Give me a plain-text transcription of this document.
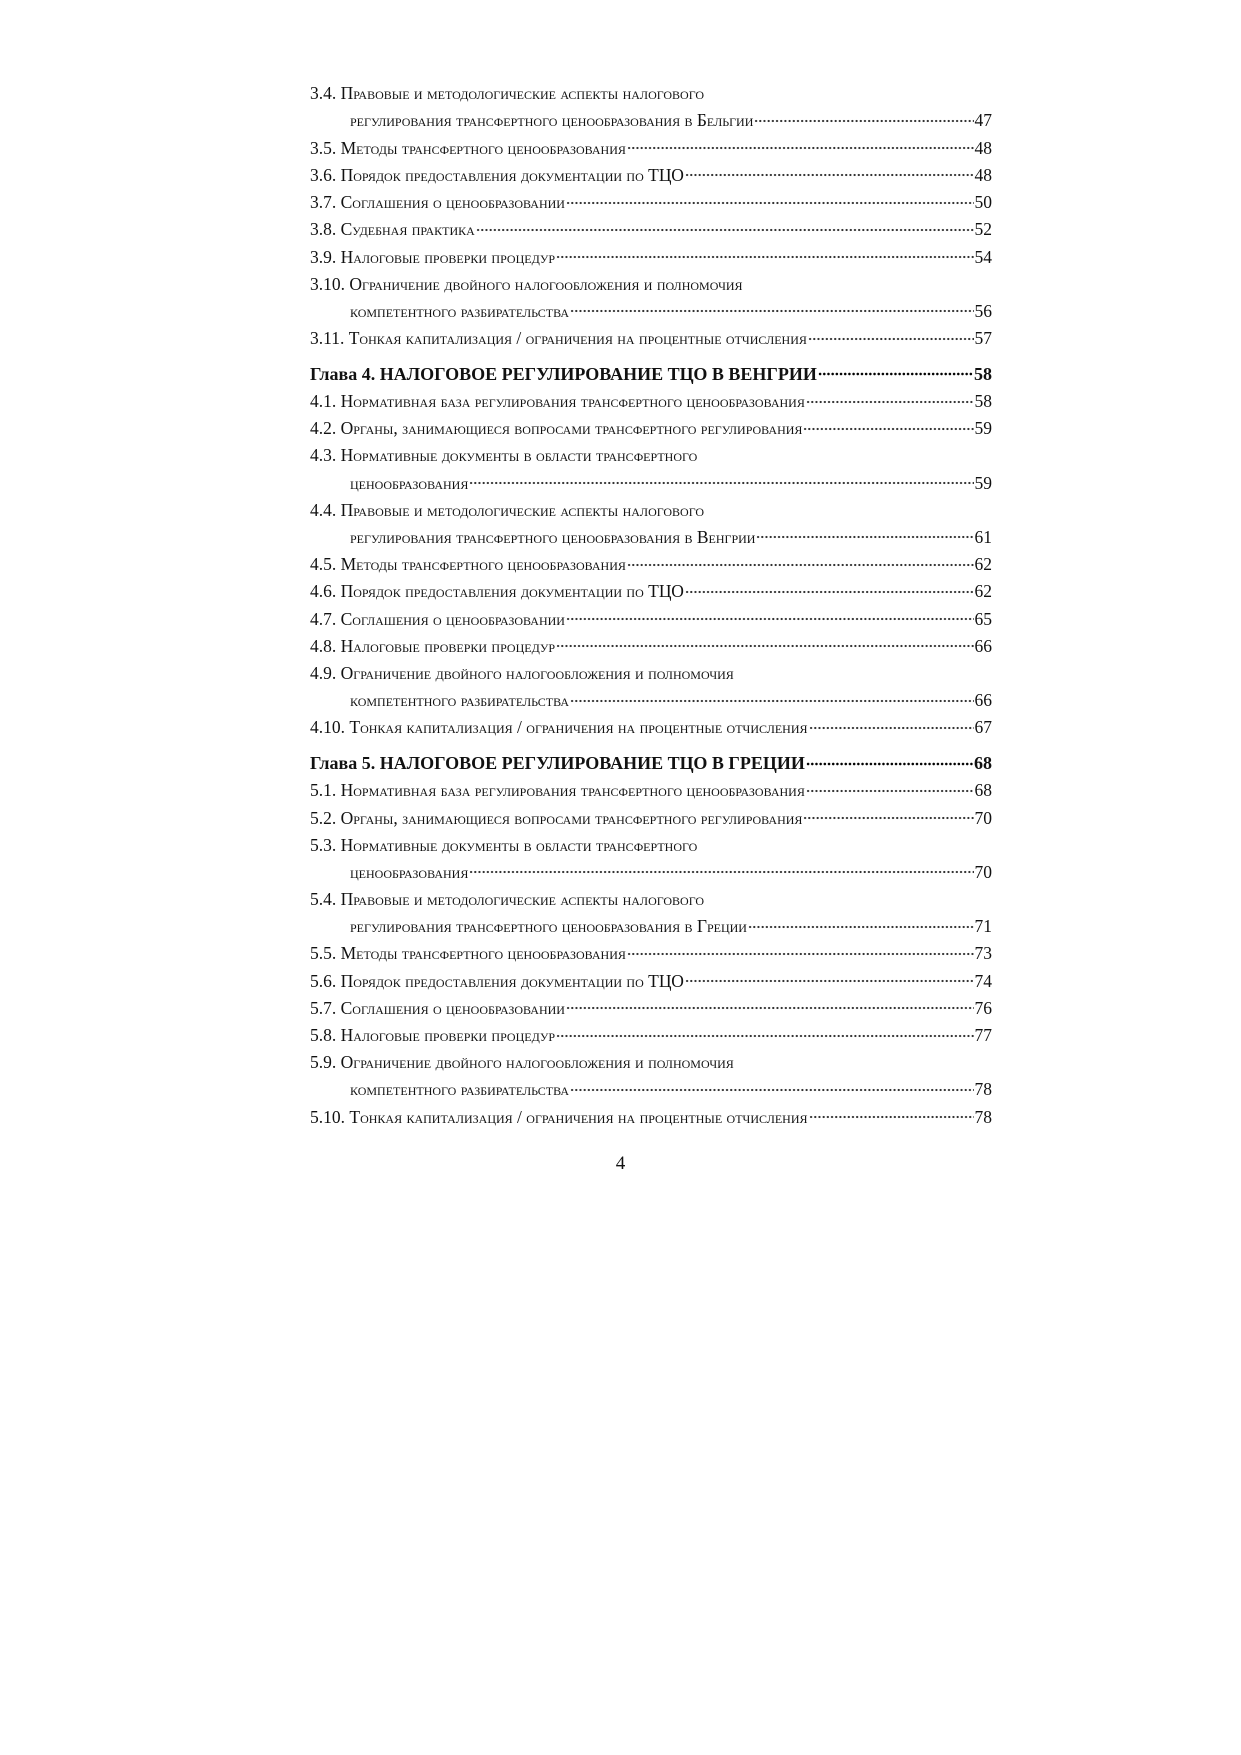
3.4. Правовые и методологические аспекты налогового
регулирования трансфертного ценообразования в Бельгии	47
3.5. Методы трансфертного ценообразования	48
3.6. Порядок предоставления документации по ТЦО	48
3.7. Соглашения о ценообразовании	50
3.8. Судебная практика	52
3.9. Налоговые проверки процедур	54
3.10. Ограничение двойного налогообложения и полномочия
компетентного разбирательства	56
3.11. Тонкая капитализация / ограничения на процентные отчисления	57
Глава 4. НАЛОГОВОЕ РЕГУЛИРОВАНИЕ ТЦО В ВЕНГРИИ	58
4.1. Нормативная база регулирования трансфертного ценообразования	58
4.2. Органы, занимающиеся вопросами трансфертного регулирования	59
4.3. Нормативные документы в области трансфертного
ценообразования	59
4.4. Правовые и методологические аспекты налогового
регулирования трансфертного ценообразования в Венгрии	61
4.5. Методы трансфертного ценообразования	62
4.6. Порядок предоставления документации по ТЦО	62
4.7. Соглашения о ценообразовании	65
4.8. Налоговые проверки процедур	66
4.9. Ограничение двойного налогообложения и полномочия
компетентного разбирательства	66
4.10. Тонкая капитализация / ограничения на процентные отчисления	67
Глава 5. НАЛОГОВОЕ РЕГУЛИРОВАНИЕ ТЦО В ГРЕЦИИ	68
5.1. Нормативная база регулирования трансфертного ценообразования	68
5.2. Органы, занимающиеся вопросами трансфертного регулирования	70
5.3. Нормативные документы в области трансфертного
ценообразования	70
5.4. Правовые и методологические аспекты налогового
регулирования трансфертного ценообразования в Греции	71
5.5. Методы трансфертного ценообразования	73
5.6. Порядок предоставления документации по ТЦО	74
5.7. Соглашения о ценообразовании	76
5.8. Налоговые проверки процедур	77
5.9. Ограничение двойного налогообложения и полномочия
компетентного разбирательства	78
5.10. Тонкая капитализация / ограничения на процентные отчисления	78
4
